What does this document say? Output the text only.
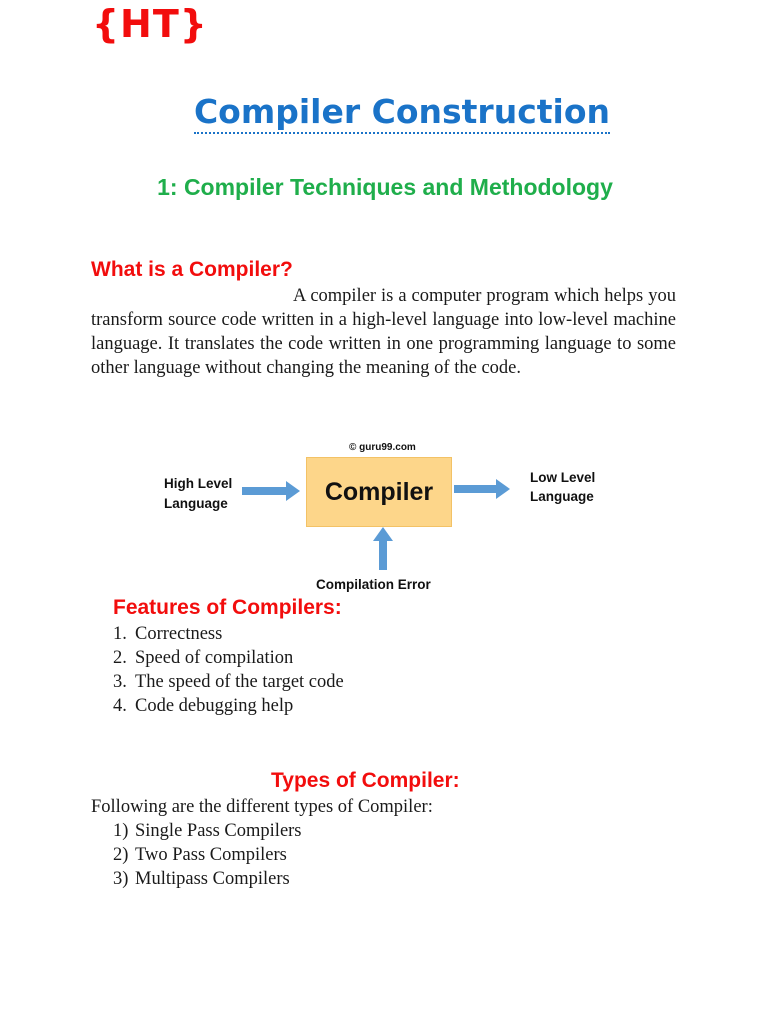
{HT}
Compiler Construction
1: Compiler Techniques and Methodology
What is a Compiler?
A compiler is a computer program which helps you transform source code written in a high-level language into low-level machine language. It translates the code written in one programming language to some other language without changing the meaning of the code.
© guru99.com
High Level
Language	Compiler	Low Level
Language
Compilation Error
Features of Compilers:
1. Correctness
2. Speed of compilation
3. The speed of the target code
4. Code debugging help
Types of Compiler:
Following are the different types of Compiler:
1) Single Pass Compilers
2) Two Pass Compilers
3) Multipass Compilers
